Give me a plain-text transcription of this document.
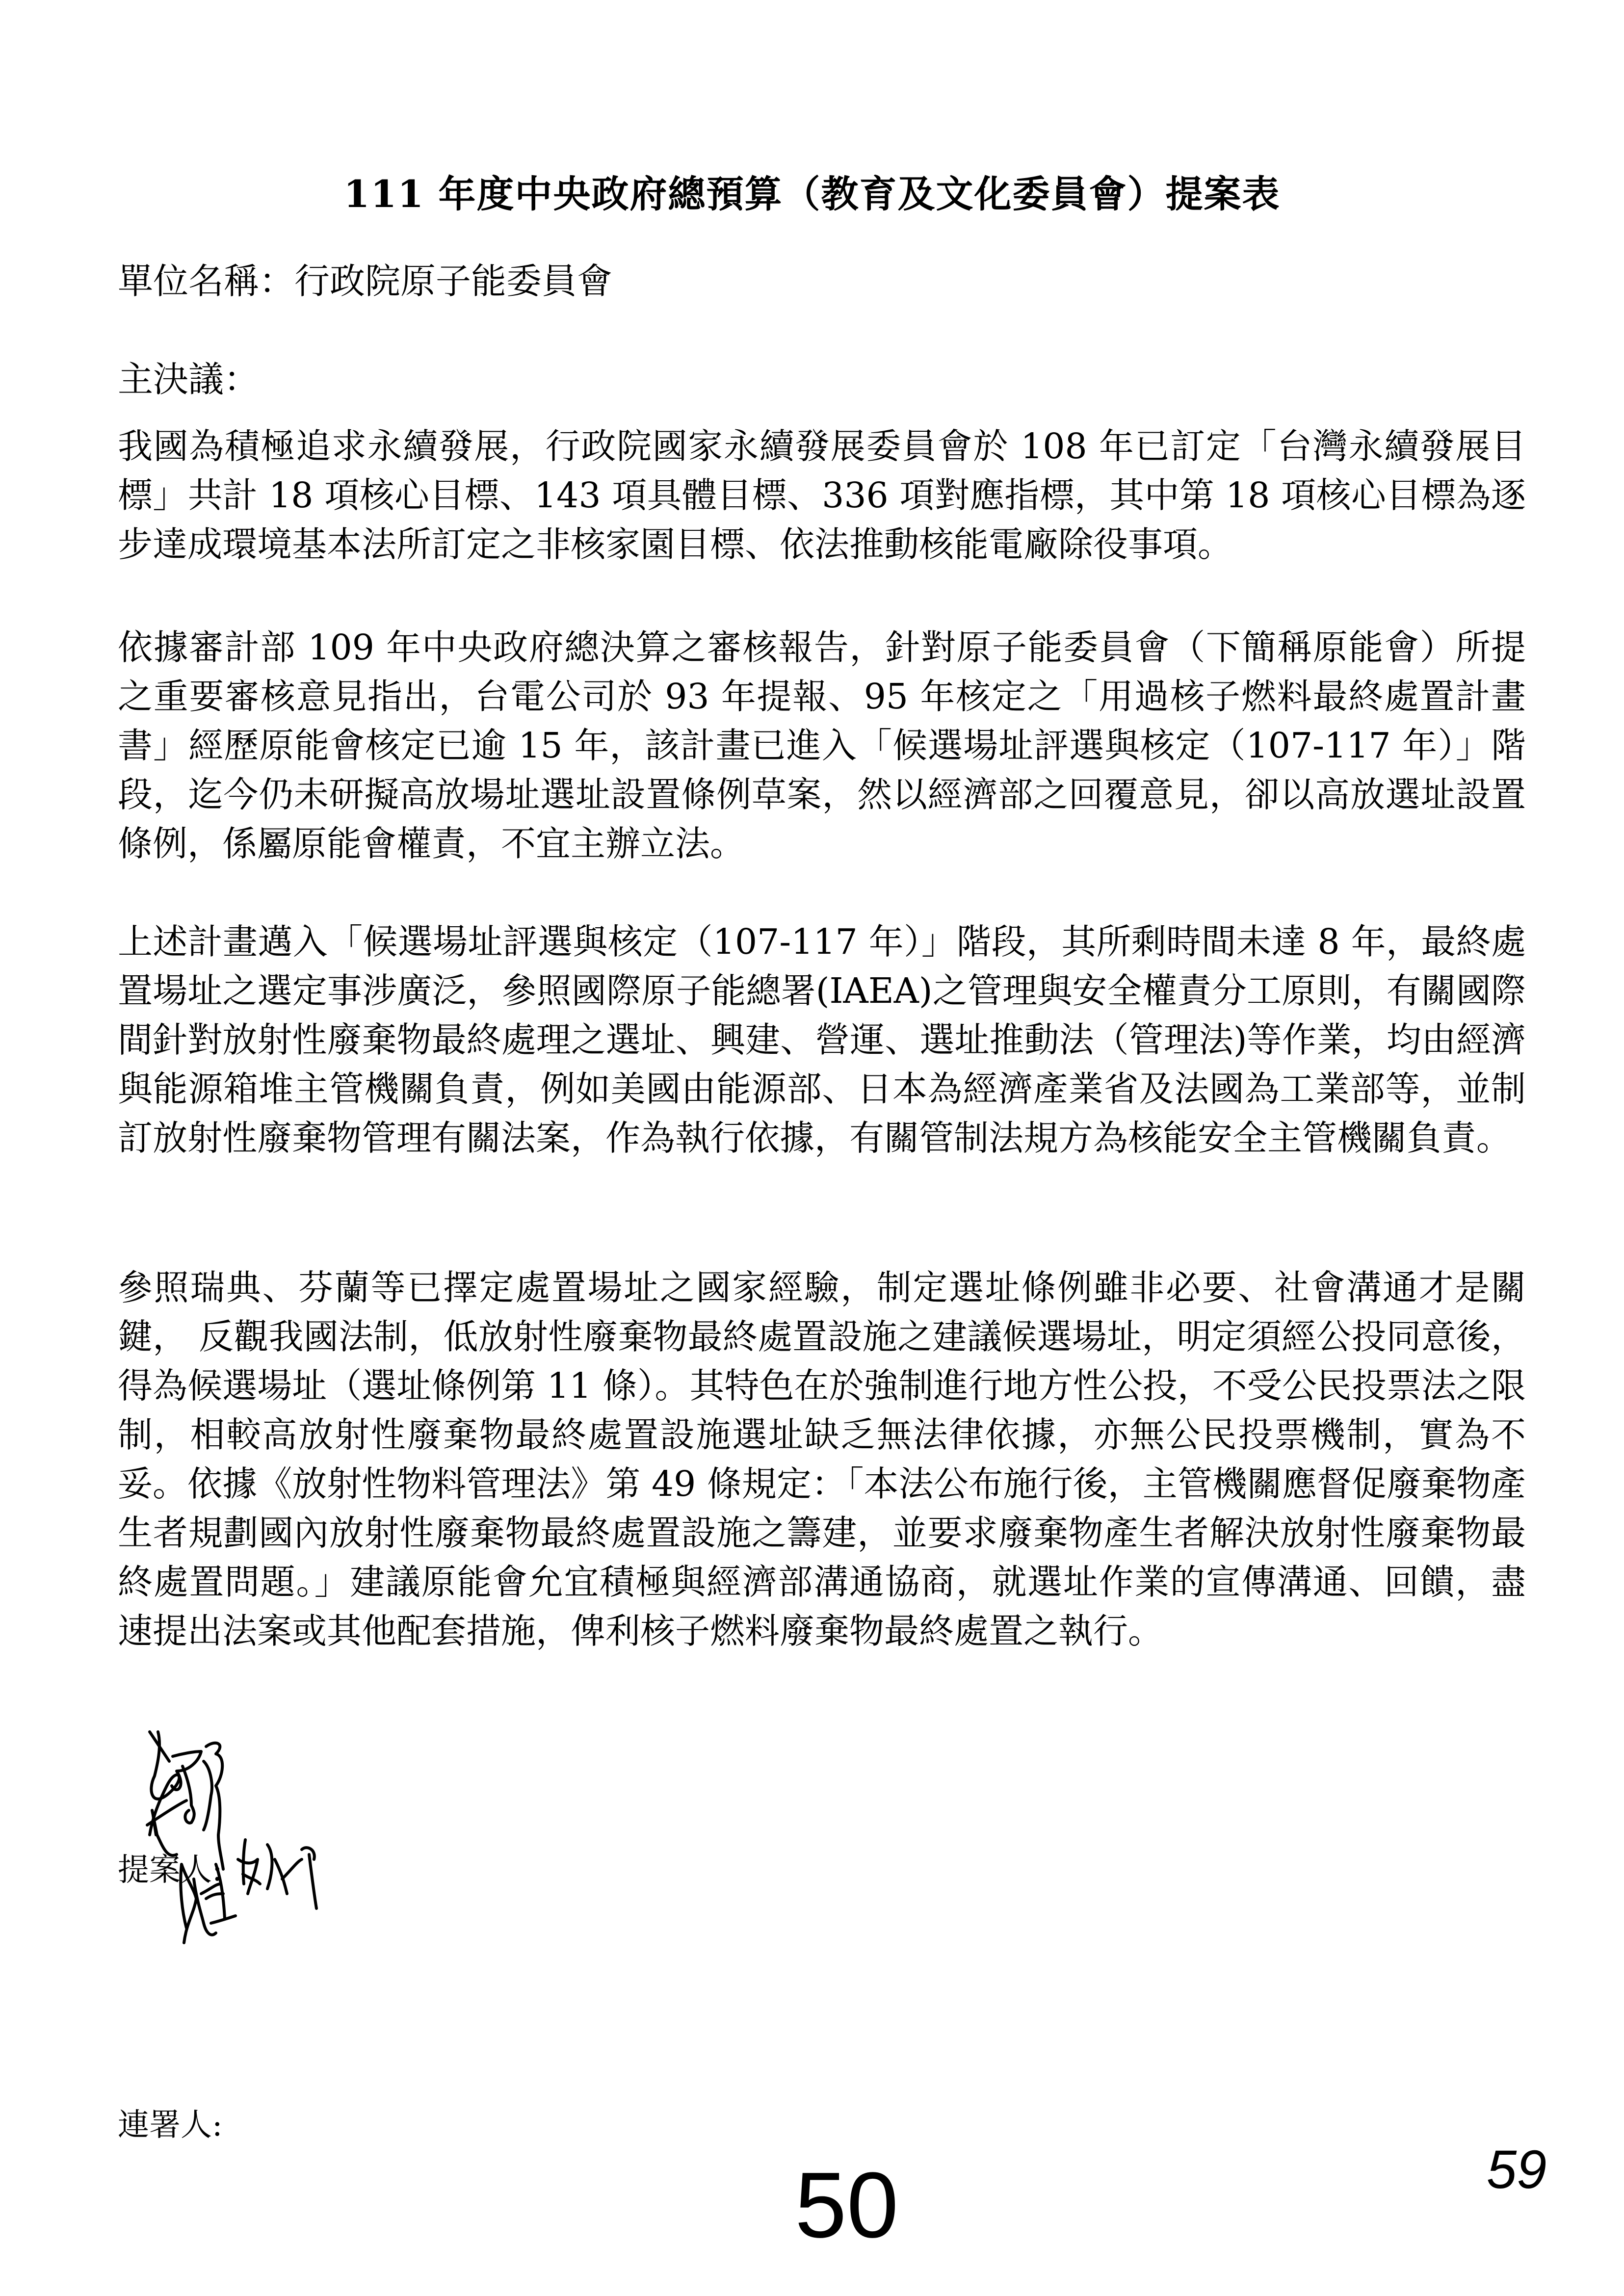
111 年度中央政府總預算（教育及文化委員會）提案表
單位名稱：行政院原子能委員會
主決議：
我國為積極追求永續發展，行政院國家永續發展委員會於 108 年已訂定「台灣永續發展目標」共計 18 項核心目標、143 項具體目標、336 項對應指標，其中第 18 項核心目標為逐步達成環境基本法所訂定之非核家園目標、依法推動核能電廠除役事項。
依據審計部 109 年中央政府總決算之審核報告，針對原子能委員會（下簡稱原能會）所提之重要審核意見指出，台電公司於 93 年提報、95 年核定之「用過核子燃料最終處置計畫書」經歷原能會核定已逾 15 年，該計畫已進入「候選場址評選與核定（107-117 年）」階段，迄今仍未研擬高放場址選址設置條例草案，然以經濟部之回覆意見，卻以高放選址設置條例，係屬原能會權責，不宜主辦立法。
上述計畫邁入「候選場址評選與核定（107-117 年）」階段，其所剩時間未達 8 年，最終處置場址之選定事涉廣泛，參照國際原子能總署(IAEA)之管理與安全權責分工原則，有關國際間針對放射性廢棄物最終處理之選址、興建、營運、選址推動法（管理法)等作業，均由經濟與能源箱堆主管機關負責，例如美國由能源部、日本為經濟產業省及法國為工業部等，並制訂放射性廢棄物管理有關法案，作為執行依據，有關管制法規方為核能安全主管機關負責。
參照瑞典、芬蘭等已擇定處置場址之國家經驗，制定選址條例雖非必要、社會溝通才是關鍵， 反觀我國法制，低放射性廢棄物最終處置設施之建議候選場址，明定須經公投同意後，得為候選場址（選址條例第 11 條）。其特色在於強制進行地方性公投，不受公民投票法之限制，相較高放射性廢棄物最終處置設施選址缺乏無法律依據，亦無公民投票機制，實為不妥。依據《放射性物料管理法》第 49 條規定：「本法公布施行後，主管機關應督促廢棄物產生者規劃國內放射性廢棄物最終處置設施之籌建，並要求廢棄物產生者解決放射性廢棄物最終處置問題。」建議原能會允宜積極與經濟部溝通協商，就選址作業的宣傳溝通、回饋，盡速提出法案或其他配套措施，俾利核子燃料廢棄物最終處置之執行。
提案人:
連署人:
50	59
